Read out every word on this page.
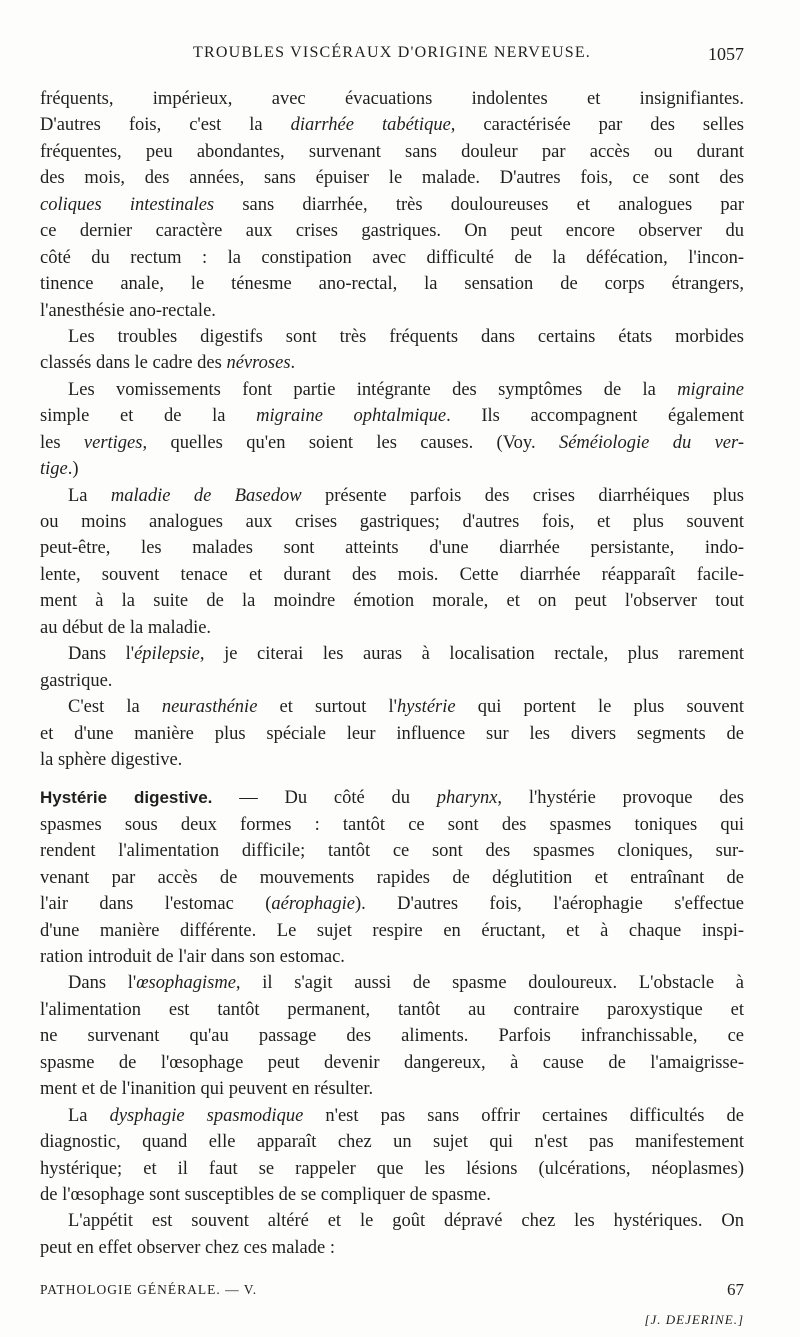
TROUBLES VISCÉRAUX D'ORIGINE NERVEUSE.	1057
fréquents, impérieux, avec évacuations indolentes et insignifiantes.
D'autres fois, c'est la diarrhée tabétique, caractérisée par des selles
fréquentes, peu abondantes, survenant sans douleur par accès ou durant
des mois, des années, sans épuiser le malade. D'autres fois, ce sont des
coliques intestinales sans diarrhée, très douloureuses et analogues par
ce dernier caractère aux crises gastriques. On peut encore observer du
côté du rectum : la constipation avec difficulté de la défécation, l'incon-
tinence anale, le ténesme ano-rectal, la sensation de corps étrangers,
l'anesthésie ano-rectale.
Les troubles digestifs sont très fréquents dans certains états morbides
classés dans le cadre des névroses.
Les vomissements font partie intégrante des symptômes de la migraine
simple et de la migraine ophtalmique. Ils accompagnent également
les vertiges, quelles qu'en soient les causes. (Voy. Séméiologie du ver-
tige.)
La maladie de Basedow présente parfois des crises diarrhéiques plus
ou moins analogues aux crises gastriques; d'autres fois, et plus souvent
peut-être, les malades sont atteints d'une diarrhée persistante, indo-
lente, souvent tenace et durant des mois. Cette diarrhée réapparaît facile-
ment à la suite de la moindre émotion morale, et on peut l'observer tout
au début de la maladie.
Dans l'épilepsie, je citerai les auras à localisation rectale, plus rarement
gastrique.
C'est la neurasthénie et surtout l'hystérie qui portent le plus souvent
et d'une manière plus spéciale leur influence sur les divers segments de
la sphère digestive.
Hystérie digestive. — Du côté du pharynx, l'hystérie provoque des
spasmes sous deux formes : tantôt ce sont des spasmes toniques qui
rendent l'alimentation difficile; tantôt ce sont des spasmes cloniques, sur-
venant par accès de mouvements rapides de déglutition et entraînant de
l'air dans l'estomac (aérophagie). D'autres fois, l'aérophagie s'effectue
d'une manière différente. Le sujet respire en éructant, et à chaque inspi-
ration introduit de l'air dans son estomac.
Dans l'œsophagisme, il s'agit aussi de spasme douloureux. L'obstacle à
l'alimentation est tantôt permanent, tantôt au contraire paroxystique et
ne survenant qu'au passage des aliments. Parfois infranchissable, ce
spasme de l'œsophage peut devenir dangereux, à cause de l'amaigrisse-
ment et de l'inanition qui peuvent en résulter.
La dysphagie spasmodique n'est pas sans offrir certaines difficultés de
diagnostic, quand elle apparaît chez un sujet qui n'est pas manifestement
hystérique; et il faut se rappeler que les lésions (ulcérations, néoplasmes)
de l'œsophage sont susceptibles de se compliquer de spasme.
L'appétit est souvent altéré et le goût dépravé chez les hystériques. On
peut en effet observer chez ces malade :
PATHOLOGIE GÉNÉRALE. — V.	67
[J. DEJERINE.]
